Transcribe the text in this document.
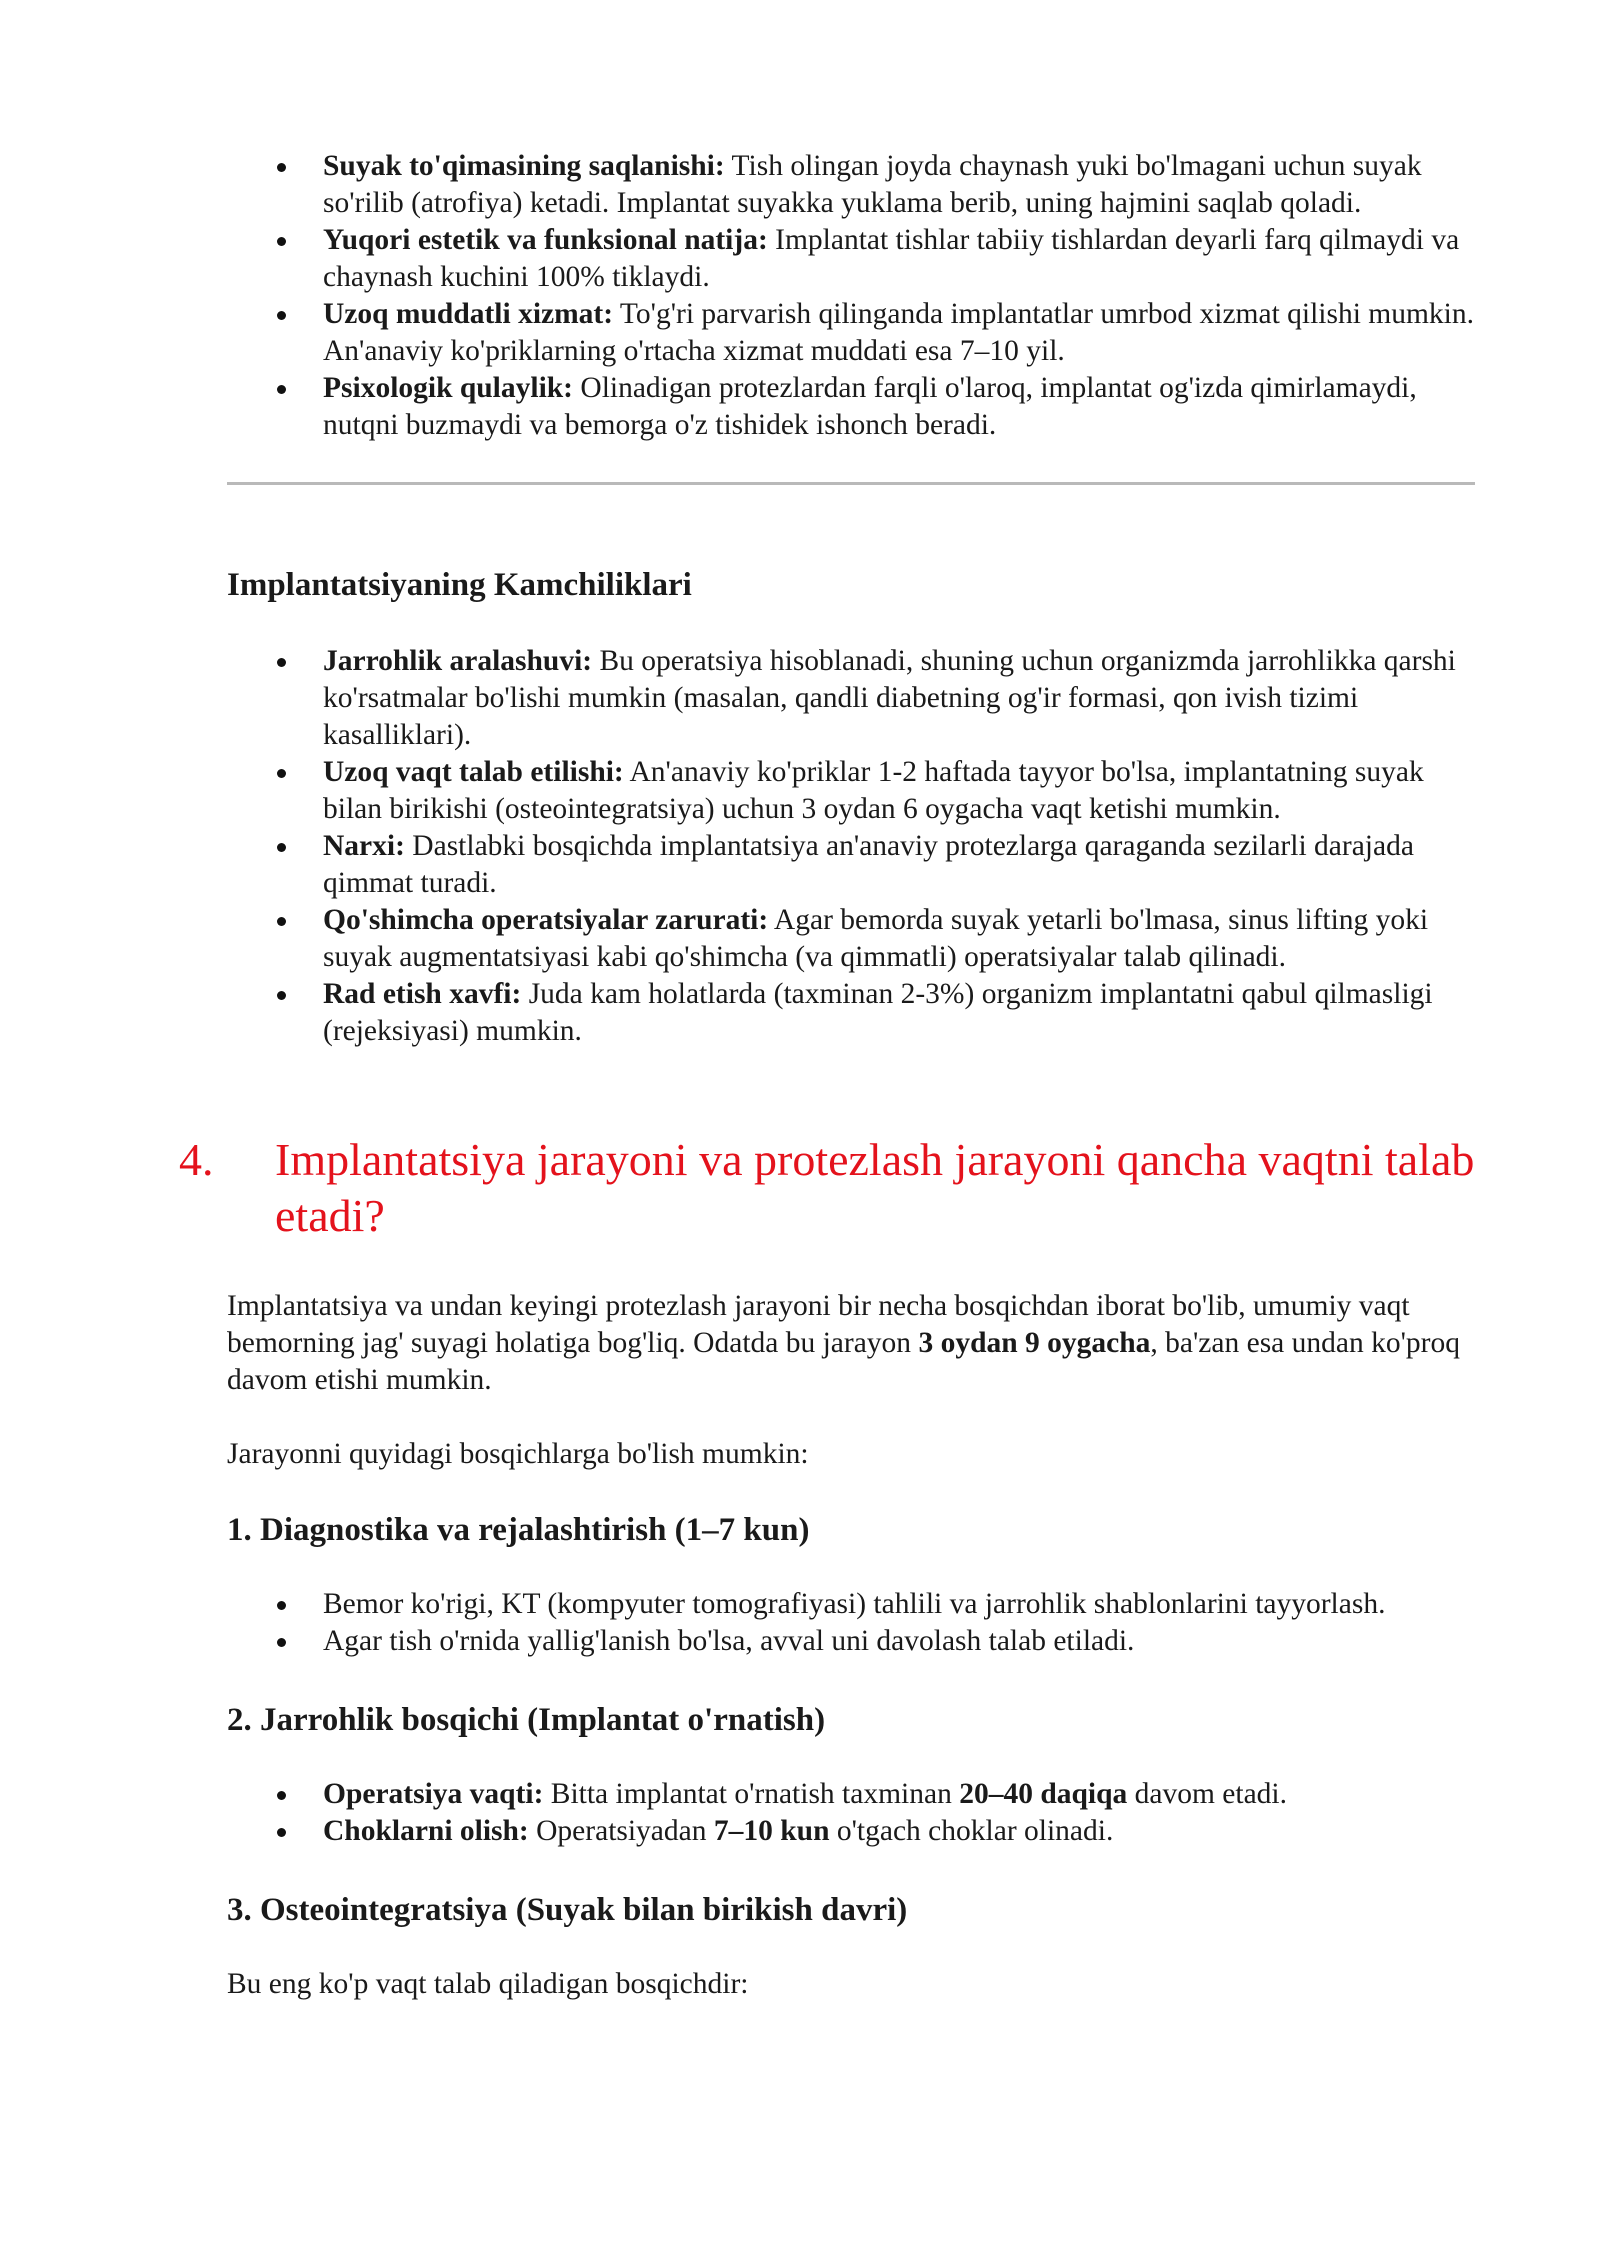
Suyak to'qimasining saqlanishi: Tish olingan joyda chaynash yuki bo'lmagani uchun suyak so'rilib (atrofiya) ketadi. Implantat suyakka yuklama berib, uning hajmini saqlab qoladi.
Yuqori estetik va funksional natija: Implantat tishlar tabiiy tishlardan deyarli farq qilmaydi va chaynash kuchini 100% tiklaydi.
Uzoq muddatli xizmat: To'g'ri parvarish qilinganda implantatlar umrbod xizmat qilishi mumkin. An'anaviy ko'priklarning o'rtacha xizmat muddati esa 7–10 yil.
Psixologik qulaylik: Olinadigan protezlardan farqli o'laroq, implantat og'izda qimirlamaydi, nutqni buzmaydi va bemorga o'z tishidek ishonch beradi.
Implantatsiyaning Kamchiliklari
Jarrohlik aralashuvi: Bu operatsiya hisoblanadi, shuning uchun organizmda jarrohlikka qarshi ko'rsatmalar bo'lishi mumkin (masalan, qandli diabetning og'ir formasi, qon ivish tizimi kasalliklari).
Uzoq vaqt talab etilishi: An'anaviy ko'priklar 1-2 haftada tayyor bo'lsa, implantatning suyak bilan birikishi (osteointegratsiya) uchun 3 oydan 6 oygacha vaqt ketishi mumkin.
Narxi: Dastlabki bosqichda implantatsiya an'anaviy protezlarga qaraganda sezilarli darajada qimmat turadi.
Qo'shimcha operatsiyalar zarurati: Agar bemorda suyak yetarli bo'lmasa, sinus lifting yoki suyak augmentatsiyasi kabi qo'shimcha (va qimmatli) operatsiyalar talab qilinadi.
Rad etish xavfi: Juda kam holatlarda (taxminan 2-3%) organizm implantatni qabul qilmasligi (rejeksiyasi) mumkin.
4.	Implantatsiya jarayoni va protezlash jarayoni qancha vaqtni talab etadi?

Implantatsiya va undan keyingi protezlash jarayoni bir necha bosqichdan iborat bo'lib, umumiy vaqt bemorning jag' suyagi holatiga bog'liq. Odatda bu jarayon 3 oydan 9 oygacha, ba'zan esa undan ko'proq davom etishi mumkin.

Jarayonni quyidagi bosqichlarga bo'lish mumkin:

1. Diagnostika va rejalashtirish (1–7 kun)
Bemor ko'rigi, KT (kompyuter tomografiyasi) tahlili va jarrohlik shablonlarini tayyorlash.
Agar tish o'rnida yallig'lanish bo'lsa, avval uni davolash talab etiladi.
2. Jarrohlik bosqichi (Implantat o'rnatish)
Operatsiya vaqti: Bitta implantat o'rnatish taxminan 20–40 daqiqa davom etadi.
Choklarni olish: Operatsiyadan 7–10 kun o'tgach choklar olinadi.
3. Osteointegratsiya (Suyak bilan birikish davri)

Bu eng ko'p vaqt talab qiladigan bosqichdir:
